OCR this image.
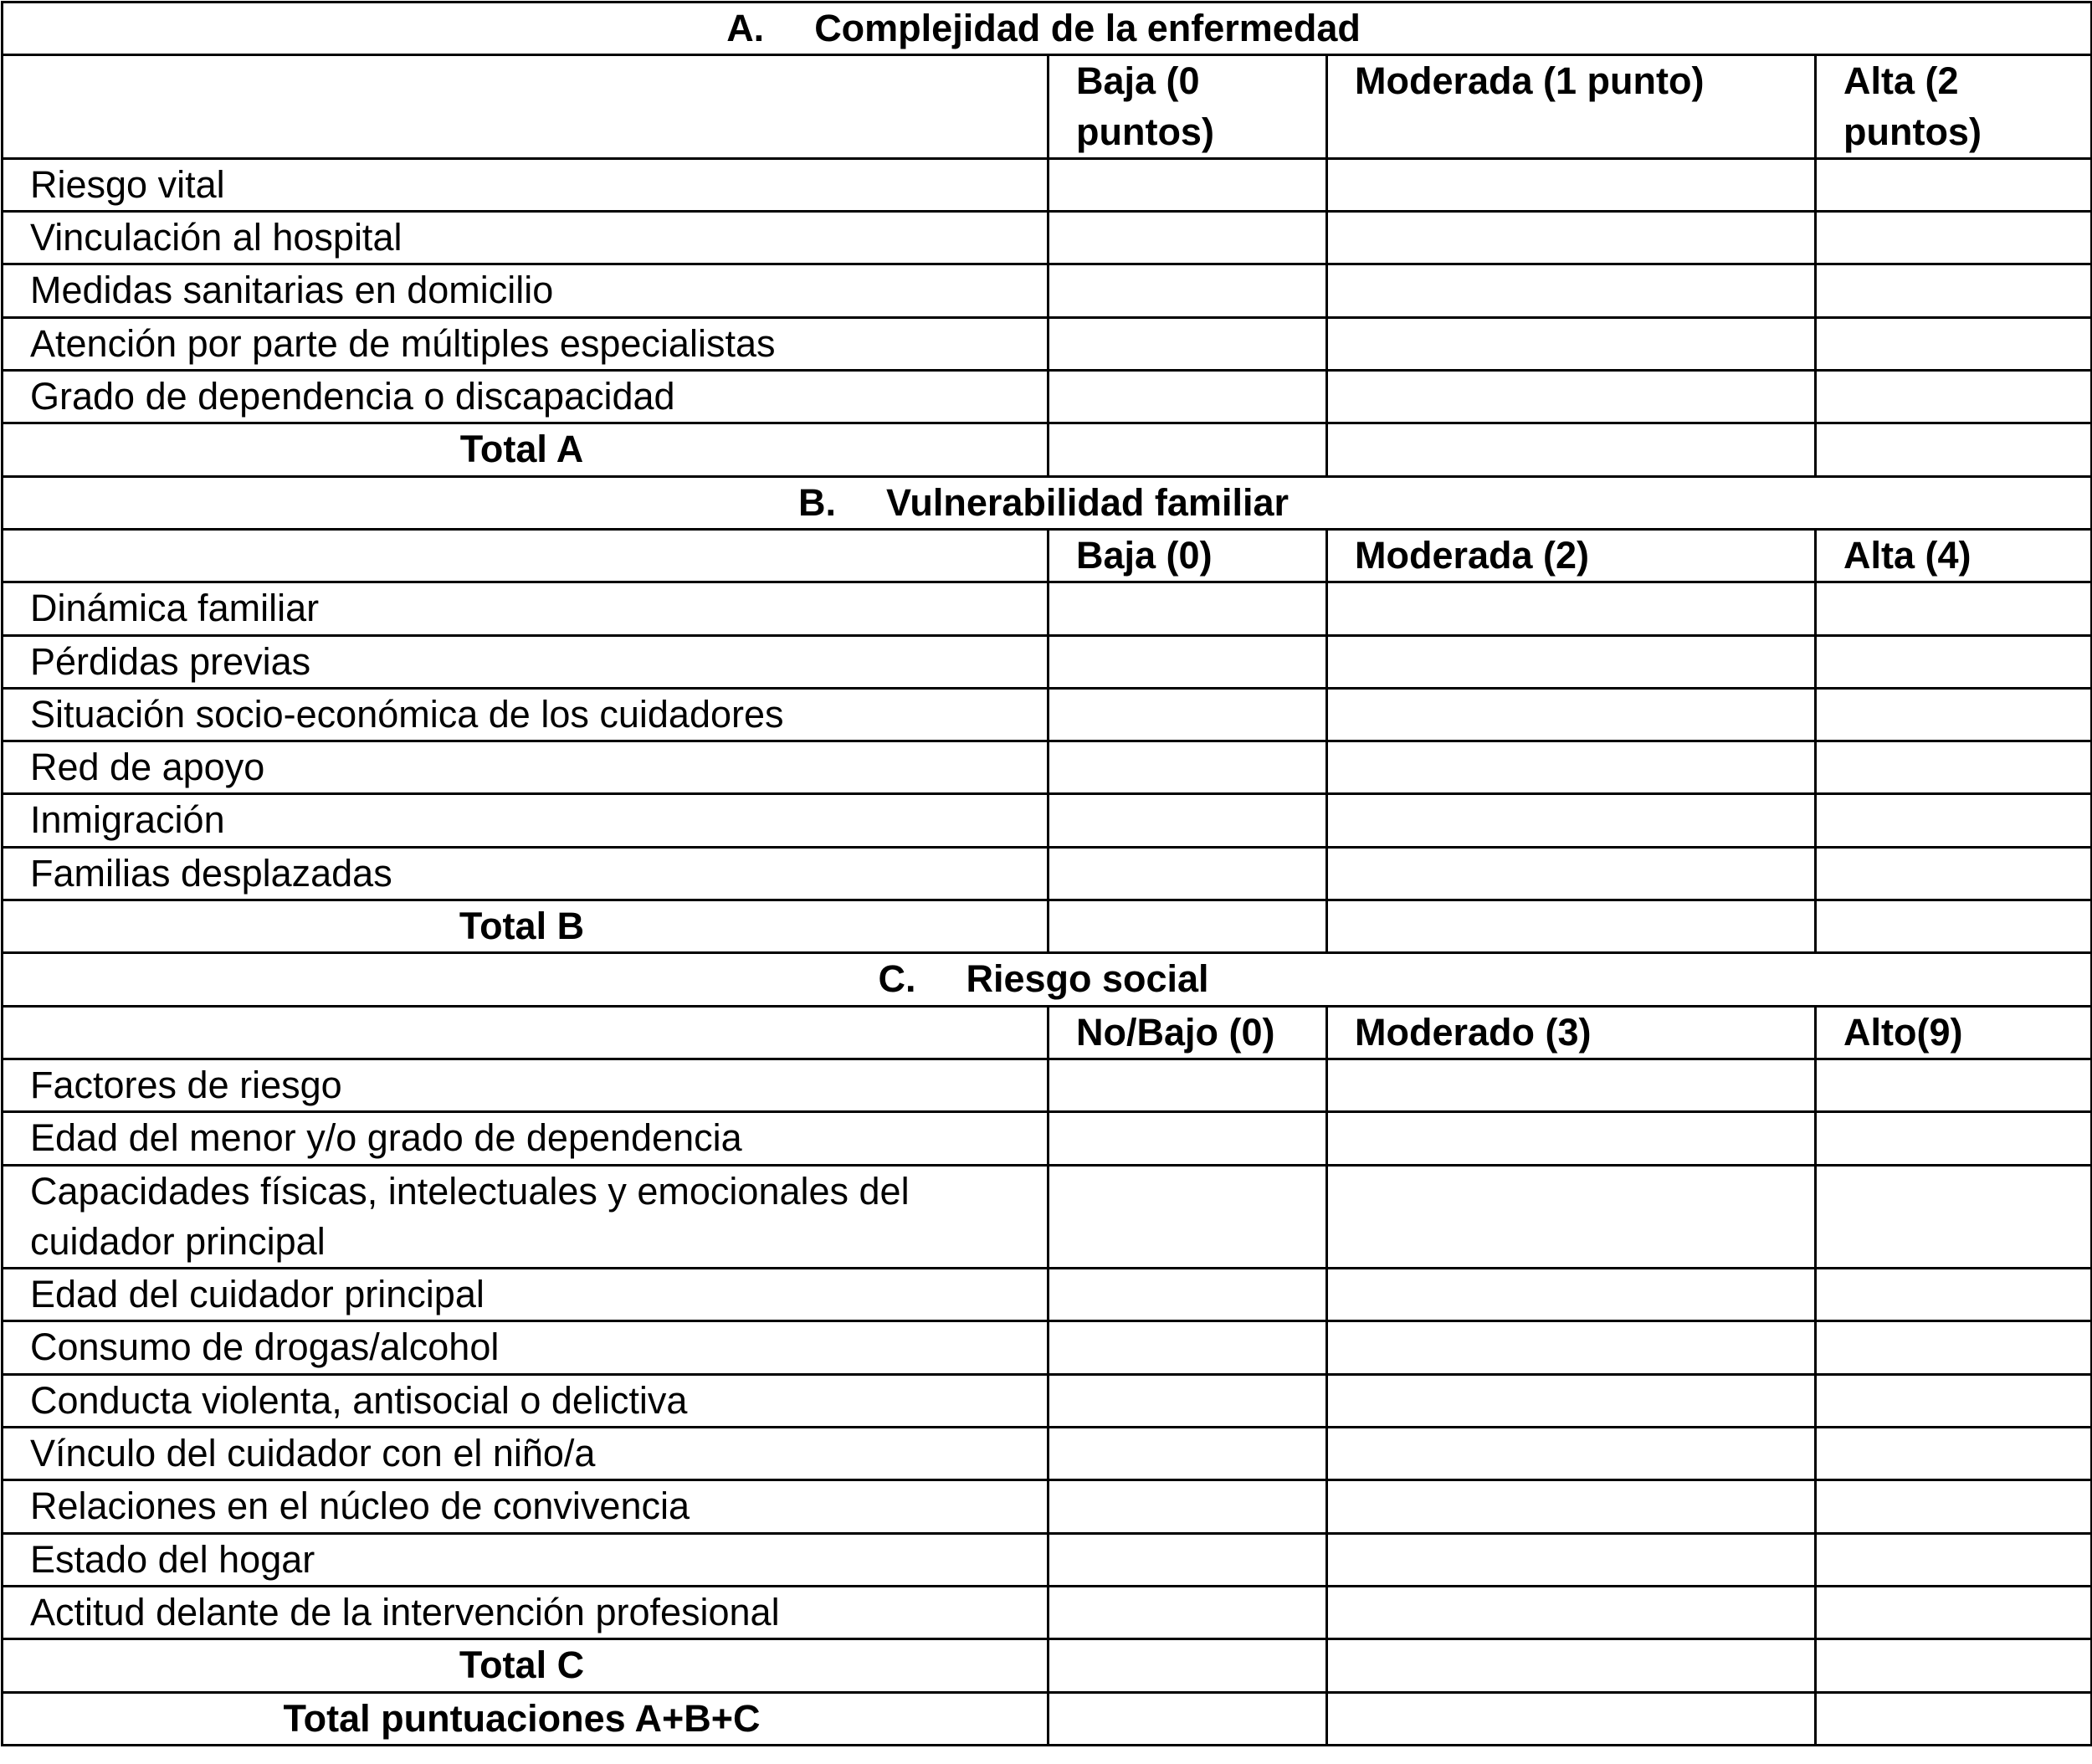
A. Complejidad de la enfermedad			
	Baja (0 puntos)	Moderada (1 punto)	Alta (2 puntos)
Riesgo vital			
Vinculación al hospital			
Medidas sanitarias en domicilio			
Atención por parte de múltiples especialistas			
Grado de dependencia o discapacidad			
Total A			
B. Vulnerabilidad familiar			
	Baja (0)	Moderada (2)	Alta (4)
Dinámica familiar			
Pérdidas previas			
Situación socio-económica de los cuidadores			
Red de apoyo			
Inmigración			
Familias desplazadas			
Total B			
C. Riesgo social			
	No/Bajo (0)	Moderado (3)	Alto(9)
Factores de riesgo			
Edad del menor y/o grado de dependencia			
Capacidades físicas, intelectuales y emocionales del cuidador principal			
Edad del cuidador principal			
Consumo de drogas/alcohol			
Conducta violenta, antisocial o delictiva			
Vínculo del cuidador con el niño/a			
Relaciones en el núcleo de convivencia			
Estado del hogar			
Actitud delante de la intervención profesional			
Total C			
Total puntuaciones A+B+C			
